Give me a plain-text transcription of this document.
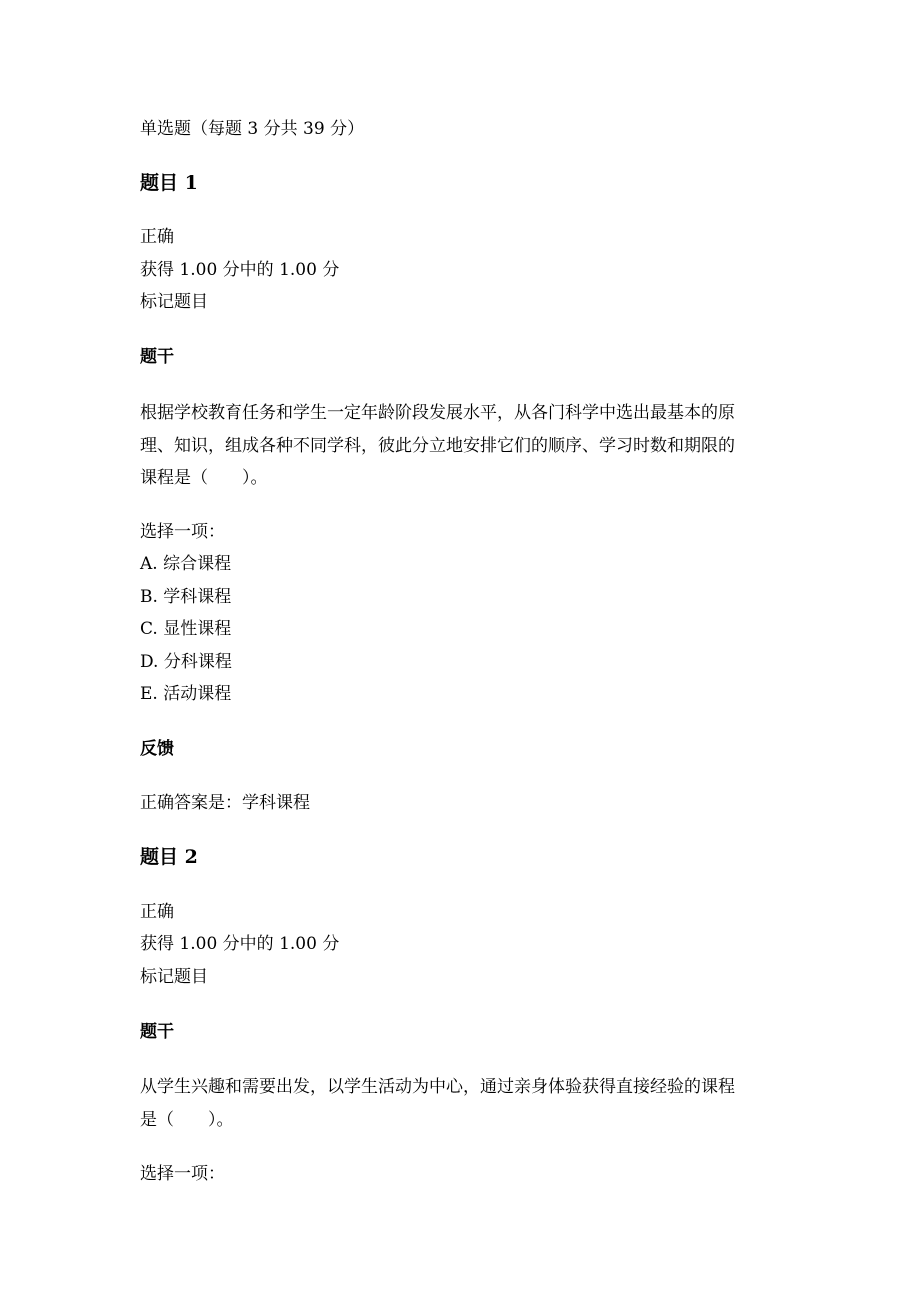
单选题（每题 3 分共 39 分）
题目 1
正确
获得 1.00 分中的 1.00 分
标记题目
题干
根据学校教育任务和学生一定年龄阶段发展水平，从各门科学中选出最基本的原
理、知识，组成各种不同学科，彼此分立地安排它们的顺序、学习时数和期限的
课程是（　　）。
选择一项：
A. 综合课程
B. 学科课程
C. 显性课程
D. 分科课程
E. 活动课程
反馈
正确答案是：学科课程
题目 2
正确
获得 1.00 分中的 1.00 分
标记题目
题干
从学生兴趣和需要出发，以学生活动为中心，通过亲身体验获得直接经验的课程
是（　　）。
选择一项：
